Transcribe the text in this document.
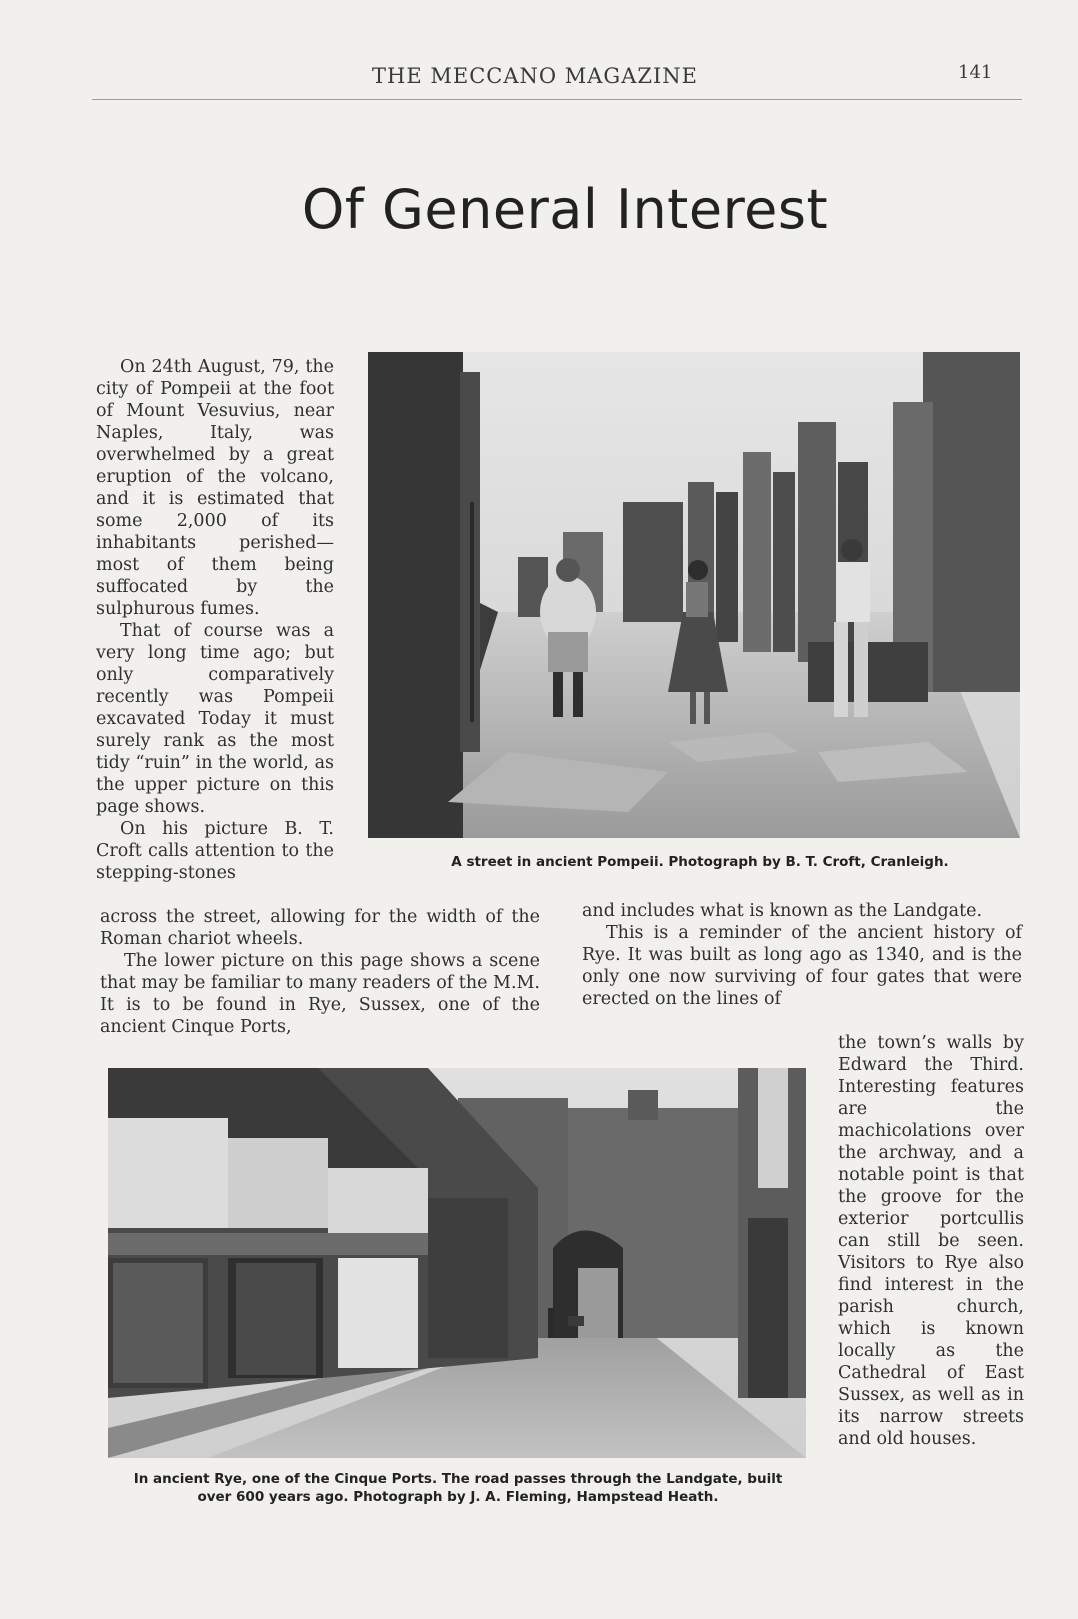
THE MECCANO MAGAZINE	141
Of General Interest

On 24th August, 79, the city of Pompeii at the foot of Mount Vesuvius, near Naples, Italy, was overwhelmed by a great eruption of the volcano, and it is estimated that some 2,000 of its inhabitants perished—most of them being suffocated by the sulphurous fumes.

That of course was a very long time ago; but only comparatively recently was Pompeii excavated Today it must surely rank as the most tidy “ruin” in the world, as the upper picture on this page shows.

On his picture B. T. Croft calls attention to the stepping-stones

across the street, allowing for the width of the Roman chariot wheels.

The lower picture on this page shows a scene that may be familiar to many readers of the M.M. It is to be found in Rye, Sussex, one of the ancient Cinque Ports,

and includes what is known as the Landgate.

This is a reminder of the ancient history of Rye. It was built as long ago as 1340, and is the only one now surviving of four gates that were erected on the lines of

the town’s walls by Edward the Third. Interesting features are the machicolations over the archway, and a notable point is that the groove for the exterior portcullis can still be seen. Visitors to Rye also find interest in the parish church, which is known locally as the Cathedral of East Sussex, as well as in its narrow streets and old houses.

A street in ancient Pompeii. Photograph by B. T. Croft, Cranleigh.
In ancient Rye, one of the Cinque Ports. The road passes through the Landgate, built
over 600 years ago. Photograph by J. A. Fleming, Hampstead Heath.
